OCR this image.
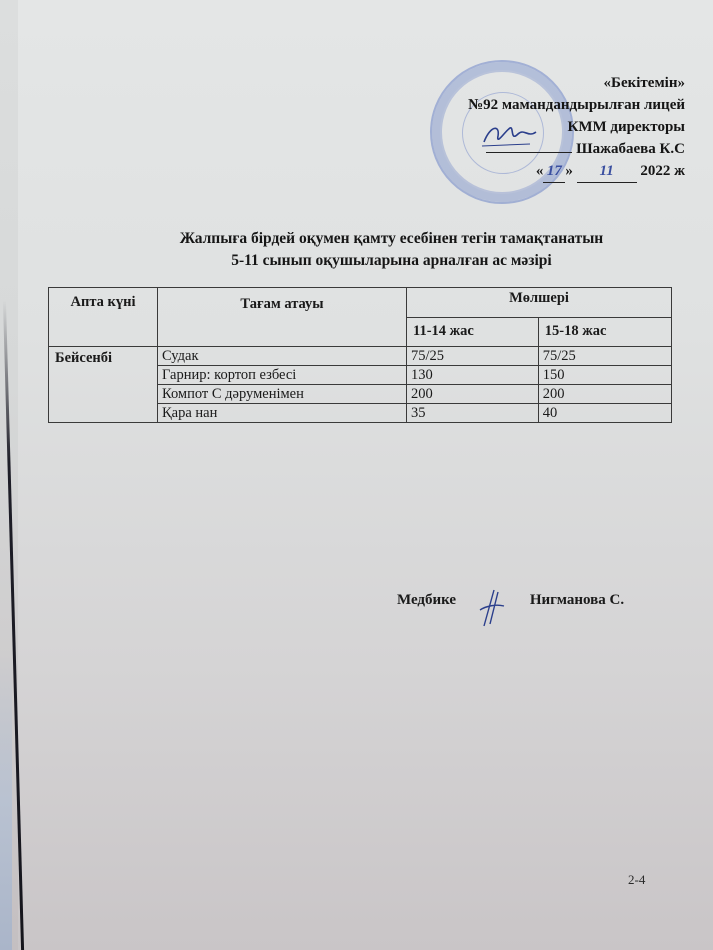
«Бекітемін»
№92 мамандандырылған лицей
КММ директоры
Шажабаева К.С
« 17 » 11 2022 ж
Жалпыға бірдей оқумен қамту есебінен тегін тамақтанатын
5-11 сынып оқушыларына арналған ас мәзірі
Апта күні	Тағам атауы	Мөлшері	
		11-14 жас	15-18 жас
Бейсенбі	Судак	75/25	75/25
	Гарнир: кортоп езбесі	130	150
	Компот С дәруменімен	200	200
	Қара нан	35	40
Медбике	Нигманова С.
2-4
